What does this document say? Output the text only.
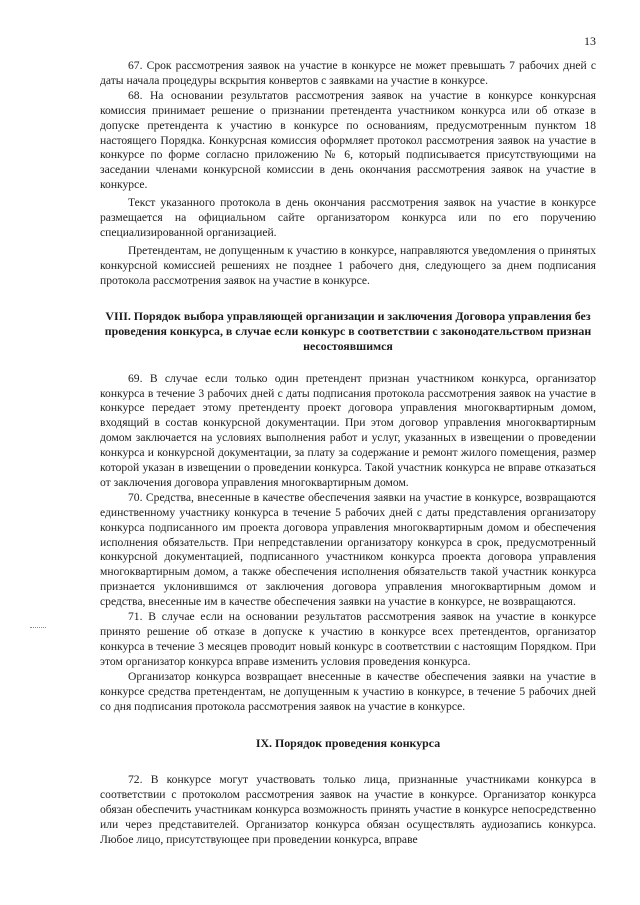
13

67. Срок рассмотрения заявок на участие в конкурсе не может превышать 7 рабочих дней с даты начала процедуры вскрытия конвертов с заявками на участие в конкурсе.

68. На основании результатов рассмотрения заявок на участие в конкурсе конкурсная комиссия принимает решение о признании претендента участником конкурса или об отказе в допуске претендента к участию в конкурсе по основаниям, предусмотренным пунктом 18 настоящего Порядка. Конкурсная комиссия оформляет протокол рассмотрения заявок на участие в конкурсе по форме согласно приложению № 6, который подписывается присутствующими на заседании членами конкурсной комиссии в день окончания рассмотрения заявок на участие в конкурсе.

Текст указанного протокола в день окончания рассмотрения заявок на участие в конкурсе размещается на официальном сайте организатором конкурса или по его поручению специализированной организацией.

Претендентам, не допущенным к участию в конкурсе, направляются уведомления о принятых конкурсной комиссией решениях не позднее 1 рабочего дня, следующего за днем подписания протокола рассмотрения заявок на участие в конкурсе.

VIII. Порядок выбора управляющей организации и заключения Договора управления без проведения конкурса, в случае если конкурс в соответствии с законодательством признан несостоявшимся

69. В случае если только один претендент признан участником конкурса, организатор конкурса в течение 3 рабочих дней с даты подписания протокола рассмотрения заявок на участие в конкурсе передает этому претенденту проект договора управления многоквартирным домом, входящий в состав конкурсной документации. При этом договор управления многоквартирным домом заключается на условиях выполнения работ и услуг, указанных в извещении о проведении конкурса и конкурсной документации, за плату за содержание и ремонт жилого помещения, размер которой указан в извещении о проведении конкурса. Такой участник конкурса не вправе отказаться от заключения договора управления многоквартирным домом.

70. Средства, внесенные в качестве обеспечения заявки на участие в конкурсе, возвращаются единственному участнику конкурса в течение 5 рабочих дней с даты представления организатору конкурса подписанного им проекта договора управления многоквартирным домом и обеспечения исполнения обязательств. При непредставлении организатору конкурса в срок, предусмотренный конкурсной документацией, подписанного участником конкурса проекта договора управления многоквартирным домом, а также обеспечения исполнения обязательств такой участник конкурса признается уклонившимся от заключения договора управления многоквартирным домом и средства, внесенные им в качестве обеспечения заявки на участие в конкурсе, не возвращаются.

71. В случае если на основании результатов рассмотрения заявок на участие в конкурсе принято решение об отказе в допуске к участию в конкурсе всех претендентов, организатор конкурса в течение 3 месяцев проводит новый конкурс в соответствии с настоящим Порядком. При этом организатор конкурса вправе изменить условия проведения конкурса.

Организатор конкурса возвращает внесенные в качестве обеспечения заявки на участие в конкурсе средства претендентам, не допущенным к участию в конкурсе, в течение 5 рабочих дней со дня подписания протокола рассмотрения заявок на участие в конкурсе.

IX. Порядок проведения конкурса

72. В конкурсе могут участвовать только лица, признанные участниками конкурса в соответствии с протоколом рассмотрения заявок на участие в конкурсе. Организатор конкурса обязан обеспечить участникам конкурса возможность принять участие в конкурсе непосредственно или через представителей. Организатор конкурса обязан осуществлять аудиозапись конкурса. Любое лицо, присутствующее при проведении конкурса, вправе
